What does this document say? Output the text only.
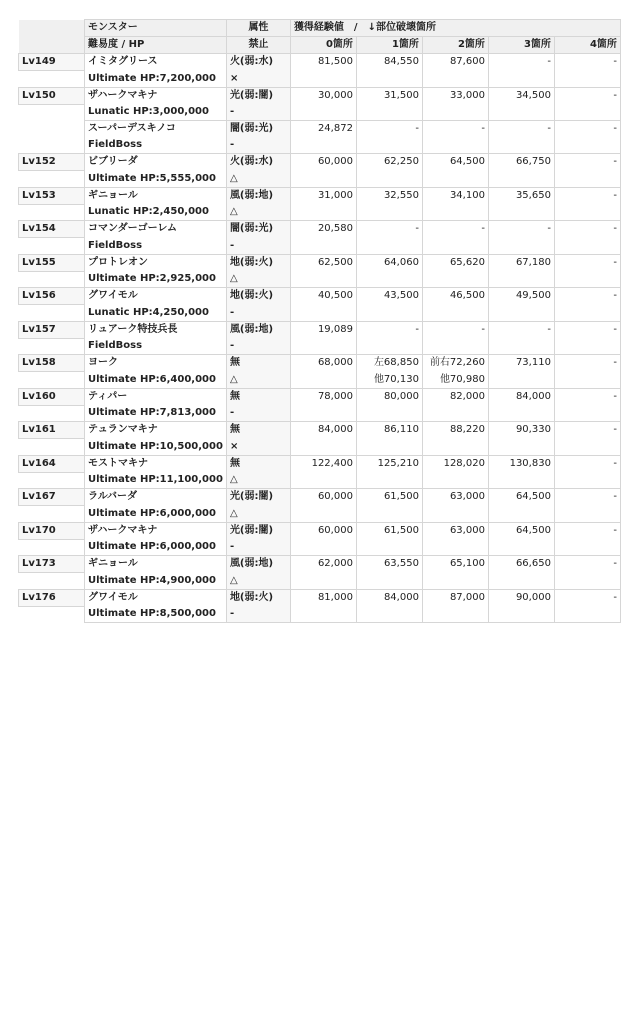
	モンスター	属性	獲得経験値　/　↓部位破壊箇所				
	難易度 / HP	禁止	0箇所	1箇所	2箇所	3箇所	4箇所
Lv149	イミタグリース	火(弱:水)	81,500	84,550	87,600	-	-
	Ultimate HP:7,200,000	×					
Lv150	ザハークマキナ	光(弱:闇)	30,000	31,500	33,000	34,500	-
	Lunatic HP:3,000,000	-					
	スーパーデスキノコ	闇(弱:光)	24,872	-	-	-	-
	FieldBoss	-					
Lv152	ビブリーダ	火(弱:水)	60,000	62,250	64,500	66,750	-
	Ultimate HP:5,555,000	△					
Lv153	ギニョール	風(弱:地)	31,000	32,550	34,100	35,650	-
	Lunatic HP:2,450,000	△					
Lv154	コマンダーゴーレム	闇(弱:光)	20,580	-	-	-	-
	FieldBoss	-					
Lv155	プロトレオン	地(弱:火)	62,500	64,060	65,620	67,180	-
	Ultimate HP:2,925,000	△					
Lv156	グワイモル	地(弱:火)	40,500	43,500	46,500	49,500	-
	Lunatic HP:4,250,000	-					
Lv157	リュアーク特技兵長	風(弱:地)	19,089	-	-	-	-
	FieldBoss	-					
Lv158	ヨーク	無	68,000	左68,850	前右72,260	73,110	-
	Ultimate HP:6,400,000	△		他70,130	他70,980		
Lv160	ティパー	無	78,000	80,000	82,000	84,000	-
	Ultimate HP:7,813,000	-					
Lv161	テュランマキナ	無	84,000	86,110	88,220	90,330	-
	Ultimate HP:10,500,000	×					
Lv164	モストマキナ	無	122,400	125,210	128,020	130,830	-
	Ultimate HP:11,100,000	△					
Lv167	ラルバーダ	光(弱:闇)	60,000	61,500	63,000	64,500	-
	Ultimate HP:6,000,000	△					
Lv170	ザハークマキナ	光(弱:闇)	60,000	61,500	63,000	64,500	-
	Ultimate HP:6,000,000	-					
Lv173	ギニョール	風(弱:地)	62,000	63,550	65,100	66,650	-
	Ultimate HP:4,900,000	△					
Lv176	グワイモル	地(弱:火)	81,000	84,000	87,000	90,000	-
	Ultimate HP:8,500,000	-					
